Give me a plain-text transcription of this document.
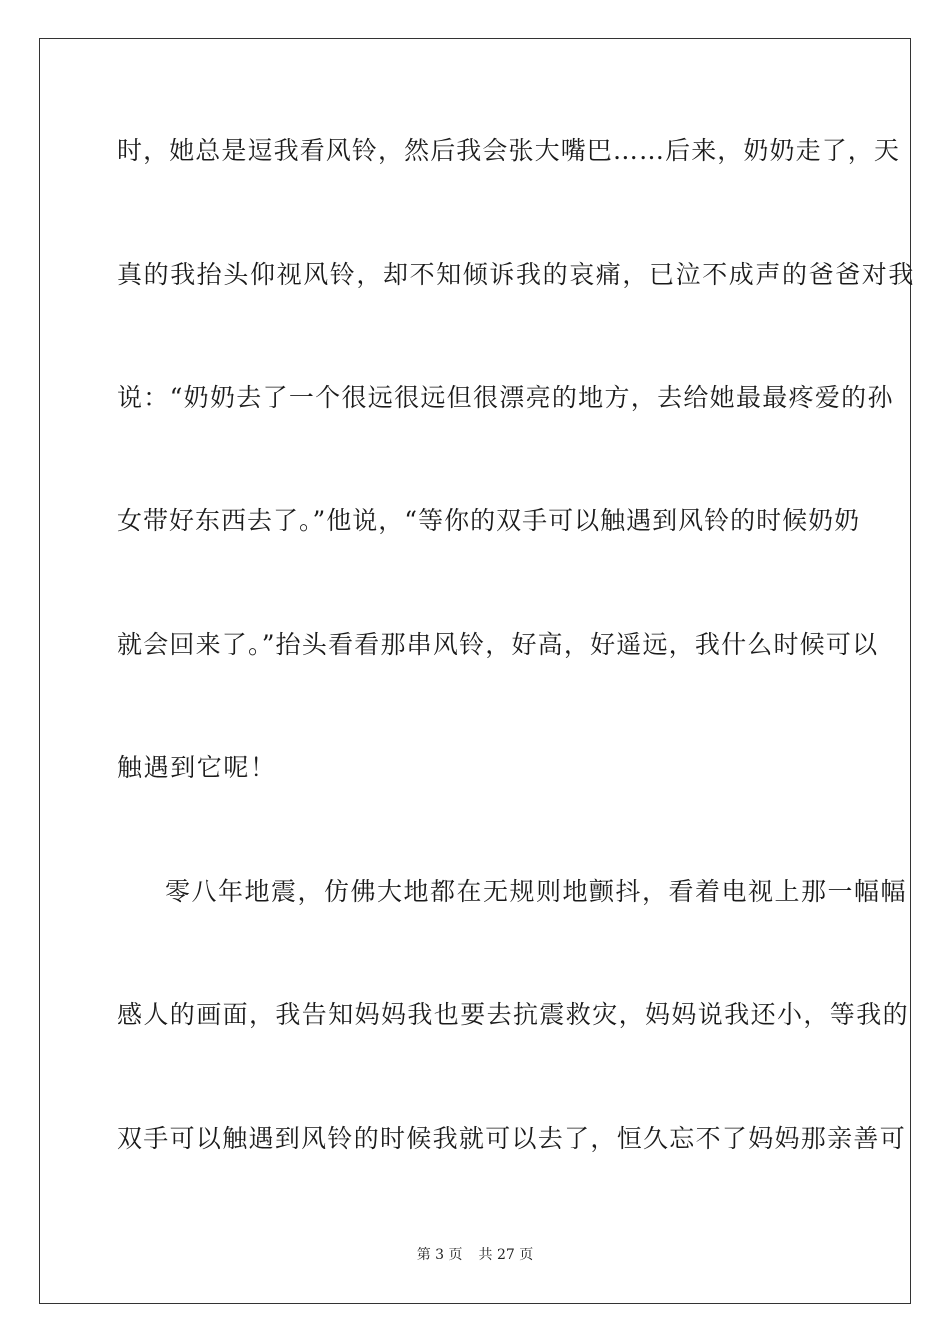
时，她总是逗我看风铃，然后我会张大嘴巴……后来，奶奶走了，天
真的我抬头仰视风铃，却不知倾诉我的哀痛，已泣不成声的爸爸对我
说：“奶奶去了一个很远很远但很漂亮的地方，去给她最最疼爱的孙
女带好东西去了。”他说，“等你的双手可以触遇到风铃的时候奶奶
就会回来了。”抬头看看那串风铃，好高，好遥远，我什么时候可以
触遇到它呢！
零八年地震，仿佛大地都在无规则地颤抖，看着电视上那一幅幅
感人的画面，我告知妈妈我也要去抗震救灾，妈妈说我还小，等我的
双手可以触遇到风铃的时候我就可以去了，恒久忘不了妈妈那亲善可
第 3 页 共 27 页
